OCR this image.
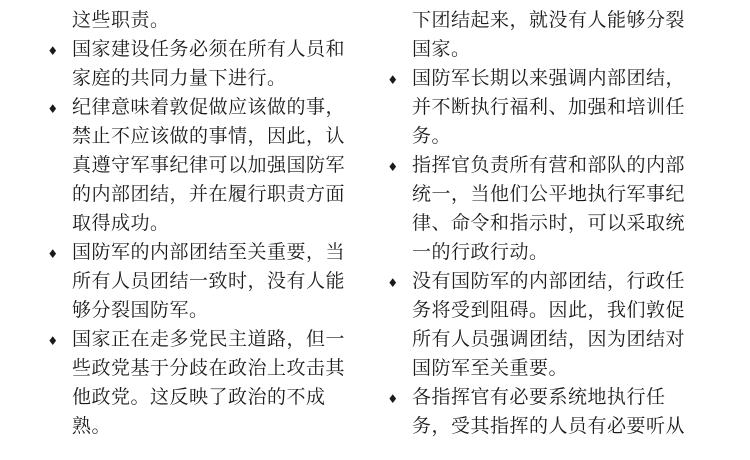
这些职责。
♦ 国家建设任务必须在所有人员和
家庭的共同力量下进行。
♦ 纪律意味着敦促做应该做的事，
禁止不应该做的事情，因此，认
真遵守军事纪律可以加强国防军
的内部团结，并在履行职责方面
取得成功。
♦ 国防军的内部团结至关重要，当
所有人员团结一致时，没有人能
够分裂国防军。
♦ 国家正在走多党民主道路，但一
些政党基于分歧在政治上攻击其
他政党。这反映了政治的不成
熟。
下团结起来，就没有人能够分裂
国家。
♦ 国防军长期以来强调内部团结，
并不断执行福利、加强和培训任
务。
♦ 指挥官负责所有营和部队的内部
统一，当他们公平地执行军事纪
律、命令和指示时，可以采取统
一的行政行动。
♦ 没有国防军的内部团结，行政任
务将受到阻碍。因此，我们敦促
所有人员强调团结，因为团结对
国防军至关重要。
♦ 各指挥官有必要系统地执行任
务，受其指挥的人员有必要听从
